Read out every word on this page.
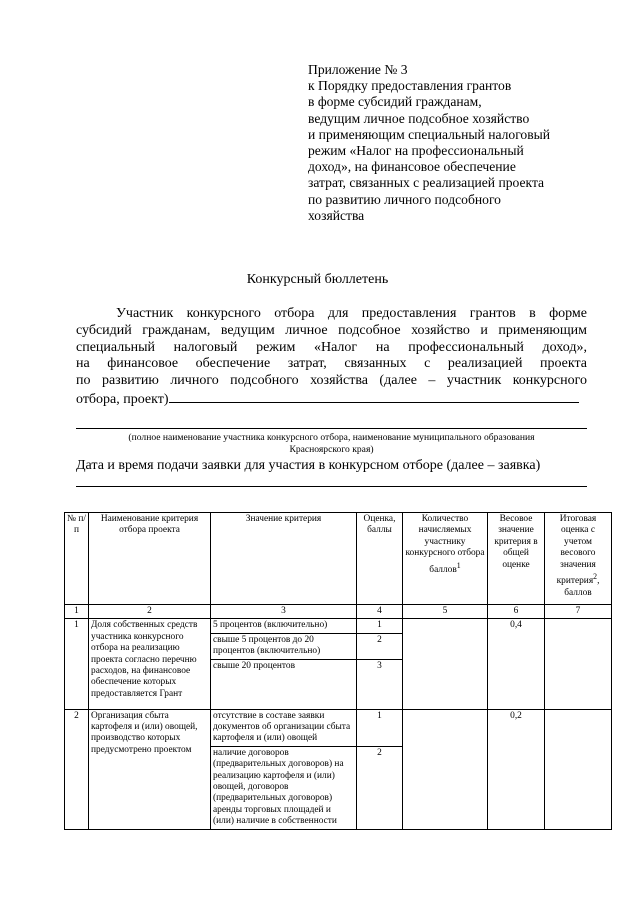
Приложение № 3
к Порядку предоставления грантов
в форме субсидий гражданам,
ведущим личное подсобное хозяйство
и применяющим специальный налоговый
режим «Налог на профессиональный
доход», на финансовое обеспечение
затрат, связанных с реализацией проекта
по развитию личного подсобного
хозяйства
Конкурсный бюллетень
Участник конкурсного отбора для предоставления грантов в форме
субсидий гражданам, ведущим личное подсобное хозяйство и применяющим
специальный налоговый режим «Налог на профессиональный доход»,
на финансовое обеспечение затрат, связанных с реализацией проекта
по развитию личного подсобного хозяйства (далее – участник конкурсного
отбора, проект)
(полное наименование участника конкурсного отбора, наименование муниципального образования
Красноярского края)
Дата и время подачи заявки для участия в конкурсном отборе (далее – заявка)
№ п/п	Наименование критерия отбора проекта	Значение критерия	Оценка, баллы	Количество начисляемых участнику конкурсного отбора баллов$^1$	Весовое значение критерия в общей оценке	Итоговая оценка с учетом весового значения критерия$^2$, баллов
1	2	3	4	5	6	7
1	Доля собственных средств участника конкурсного отбора на реализацию проекта согласно перечню расходов, на финансовое обеспечение которых предоставляется Грант	5 процентов (включительно)	1		0,4	
		свыше 5 процентов до 20 процентов (включительно)	2			
		свыше 20 процентов	3			
2	Организация сбыта картофеля и (или) овощей, производство которых предусмотрено проектом	отсутствие в составе заявки документов об организации сбыта картофеля и (или) овощей	1		0,2	
		наличие договоров (предварительных договоров) на реализацию картофеля и (или) овощей, договоров (предварительных договоров) аренды торговых площадей и (или) наличие в собственности	2			
